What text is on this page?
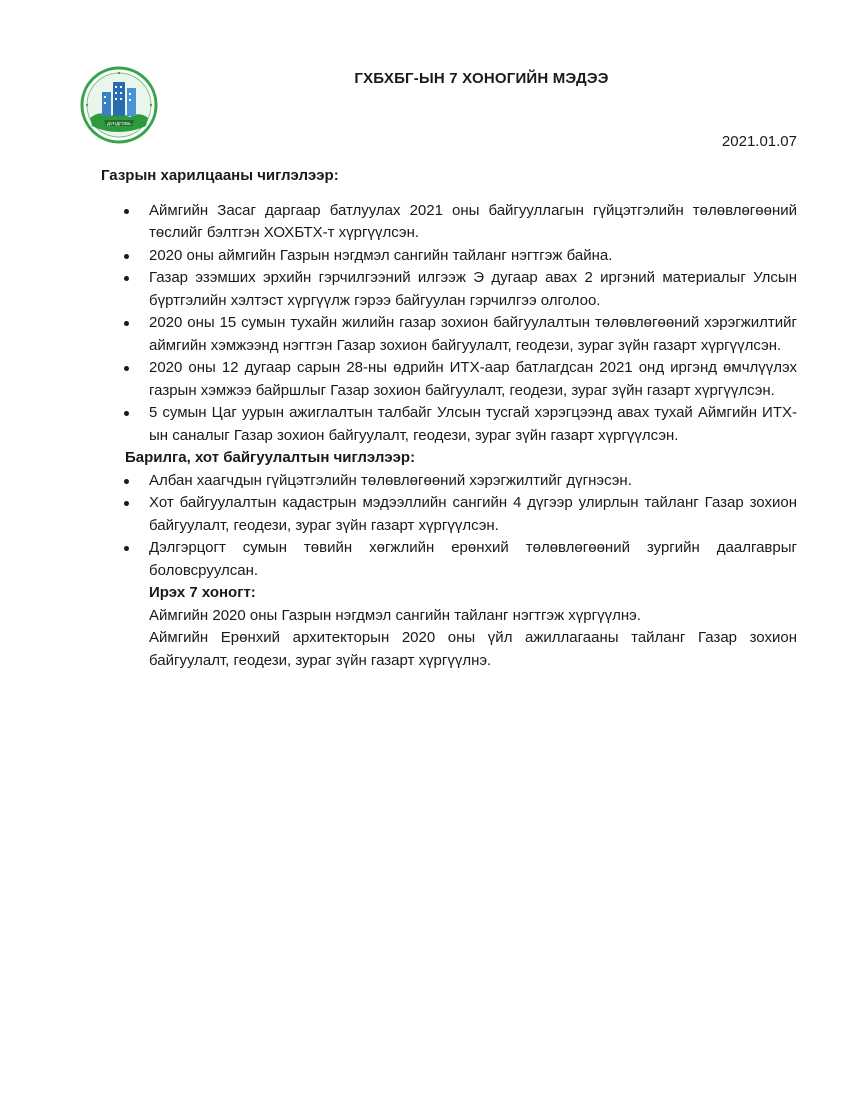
ДУНДГОВЬ
ГХБХБГ-ЫН 7 ХОНОГИЙН МЭДЭЭ
2021.01.07
Газрын харилцааны чиглэлээр:
Аймгийн Засаг даргаар батлуулах 2021 оны байгууллагын гүйцэтгэлийн төлөвлөгөөний төслийг бэлтгэн ХОХБТХ-т хүргүүлсэн.
2020 оны аймгийн Газрын нэгдмэл сангийн тайланг нэгтгэж байна.
Газар эзэмших эрхийн гэрчилгээний илгээж Э дугаар авах 2 иргэний материалыг Улсын бүртгэлийн хэлтэст хүргүүлж гэрээ байгуулан гэрчилгээ олголоо.
2020 оны 15 сумын тухайн жилийн газар зохион байгуулалтын төлөвлөгөөний хэрэгжилтийг аймгийн хэмжээнд нэгтгэн Газар зохион байгуулалт, геодези, зураг зүйн газарт хүргүүлсэн.
2020 оны 12 дугаар сарын 28-ны өдрийн ИТХ-аар батлагдсан 2021 онд иргэнд өмчлүүлэх газрын хэмжээ байршлыг Газар зохион байгуулалт, геодези, зураг зүйн газарт хүргүүлсэн.
5 сумын Цаг уурын ажиглалтын талбайг Улсын тусгай хэрэгцээнд авах тухай Аймгийн ИТХ-ын саналыг Газар зохион байгуулалт, геодези, зураг зүйн газарт хүргүүлсэн.
Барилга, хот байгуулалтын чиглэлээр:
Албан хаагчдын гүйцэтгэлийн төлөвлөгөөний хэрэгжилтийг дүгнэсэн.
Хот байгуулалтын кадастрын мэдээллийн сангийн 4 дүгээр улирлын тайланг Газар зохион байгуулалт, геодези, зураг зүйн газарт хүргүүлсэн.
Дэлгэрцогт сумын төвийн хөгжлийн ерөнхий төлөвлөгөөний зургийн даалгаврыг боловсруулсан.
Ирэх 7 хоногт:

Аймгийн 2020 оны Газрын нэгдмэл сангийн тайланг нэгтгэж хүргүүлнэ.

Аймгийн Ерөнхий архитекторын 2020 оны үйл ажиллагааны тайланг Газар зохион байгуулалт, геодези, зураг зүйн газарт хүргүүлнэ.
